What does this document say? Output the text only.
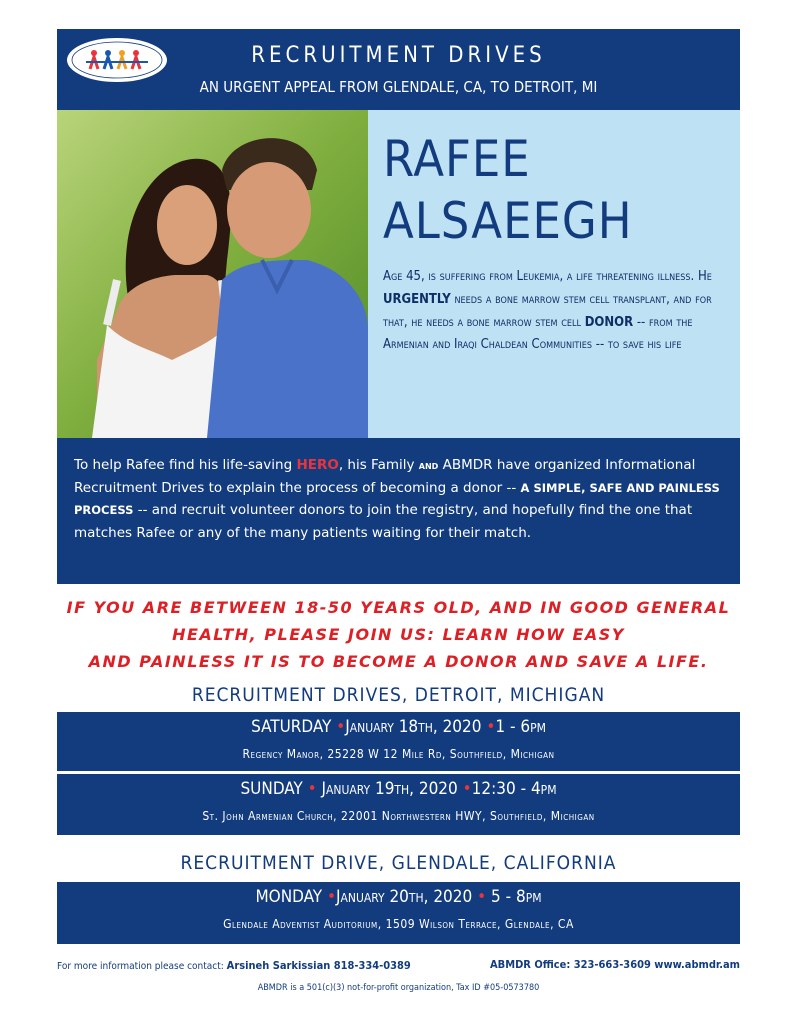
RECRUITMENT DRIVES
AN URGENT APPEAL FROM GLENDALE, CA, TO DETROIT, MI
RAFEE
ALSAEEGH
Age 45, is suffering from Leukemia, a life threatening illness. He URGENTLY needs a bone marrow stem cell transplant, and for that, he needs a bone marrow stem cell DONOR -- from the Armenian and Iraqi Chaldean Communities -- to save his life
To help Rafee find his life-saving HERO, his Family and ABMDR have organized Informational Recruitment Drives to explain the process of becoming a donor -- A SIMPLE, SAFE AND PAINLESS PROCESS -- and recruit volunteer donors to join the registry, and hopefully find the one that matches Rafee or any of the many patients waiting for their match.
IF YOU ARE BETWEEN 18-50 YEARS OLD, AND IN GOOD GENERAL
HEALTH, PLEASE JOIN US: LEARN HOW EASY
AND PAINLESS IT IS TO BECOME A DONOR AND SAVE A LIFE.
RECRUITMENT DRIVES, DETROIT, MICHIGAN
SATURDAY •January 18th, 2020 •1 - 6pm
Regency Manor, 25228 W 12 Mile Rd, Southfield, Michigan
SUNDAY • January 19th, 2020 •12:30 - 4pm
St. John Armenian Church, 22001 Northwestern HWY, Southfield, Michigan
RECRUITMENT DRIVE, GLENDALE, CALIFORNIA
MONDAY •January 20th, 2020 • 5 - 8pm
Glendale Adventist Auditorium, 1509 Wilson Terrace, Glendale, CA
For more information please contact: Arsineh Sarkissian 818-334-0389	ABMDR Office: 323-663-3609 www.abmdr.am
ABMDR is a 501(c)(3) not-for-profit organization, Tax ID #05-0573780
